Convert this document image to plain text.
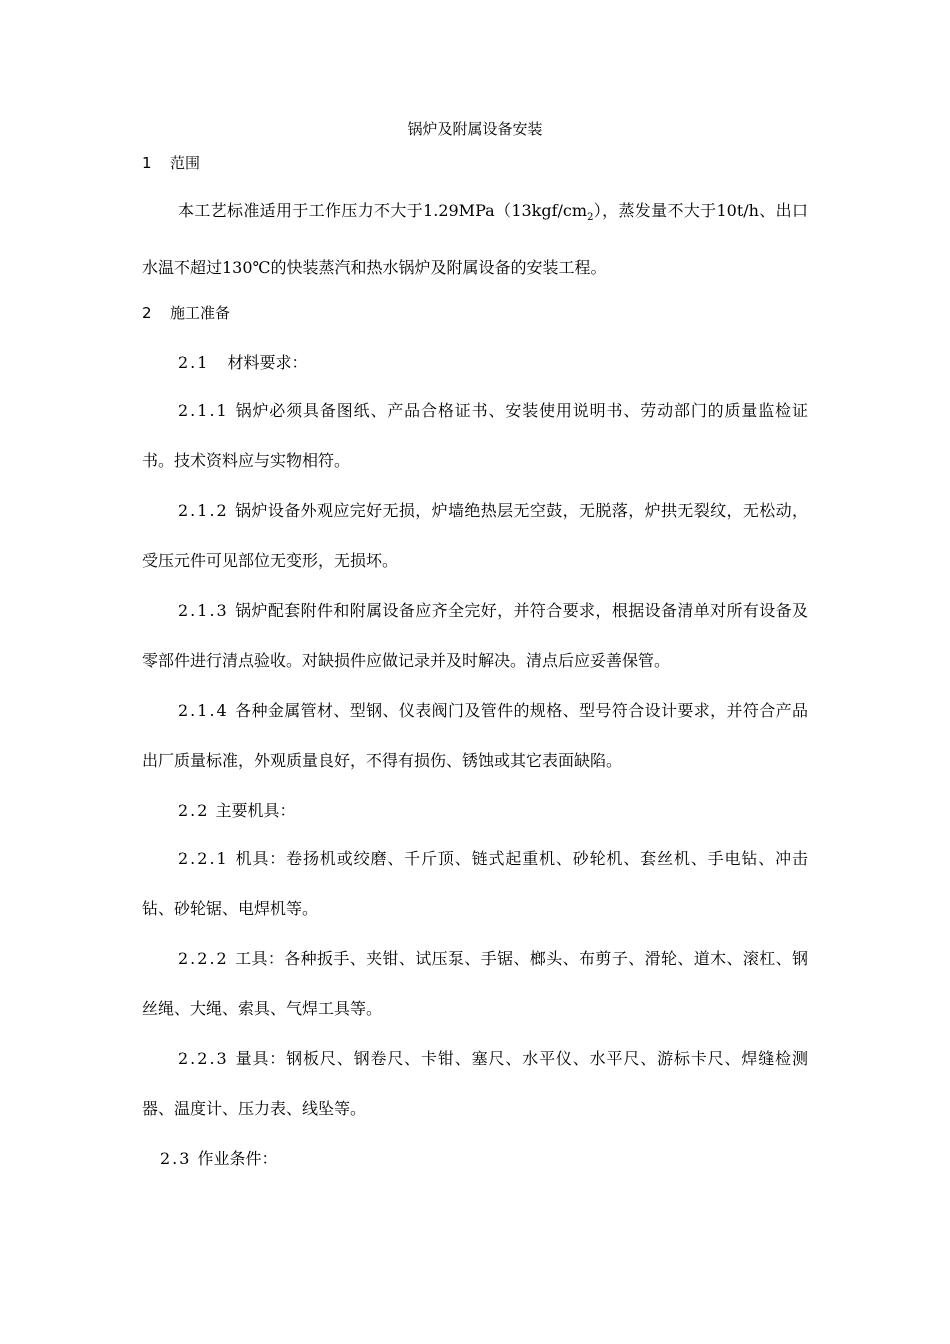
锅炉及附属设备安装
1 范围
本工艺标准适用于工作压力不大于$1.29MPa(13kgf/cm_2)$，蒸发量不大于10t/h、出口水温不超过130℃的快装蒸汽和热水锅炉及附属设备的安装工程。
2 施工准备
2.1 材料要求：
2.1.1 锅炉必须具备图纸、产品合格证书、安装使用说明书、劳动部门的质量监检证书。技术资料应与实物相符。
2.1.2 锅炉设备外观应完好无损，炉墙绝热层无空鼓，无脱落，炉拱无裂纹，无松动，受压元件可见部位无变形，无损坏。
2.1.3 锅炉配套附件和附属设备应齐全完好，并符合要求，根据设备清单对所有设备及零部件进行清点验收。对缺损件应做记录并及时解决。清点后应妥善保管。
2.1.4 各种金属管材、型钢、仪表阀门及管件的规格、型号符合设计要求，并符合产品出厂质量标准，外观质量良好，不得有损伤、锈蚀或其它表面缺陷。
2.2 主要机具：
2.2.1 机具：卷扬机或绞磨、千斤顶、链式起重机、砂轮机、套丝机、手电钻、冲击钻、砂轮锯、电焊机等。
2.2.2 工具：各种扳手、夹钳、试压泵、手锯、榔头、布剪子、滑轮、道木、滚杠、钢丝绳、大绳、索具、气焊工具等。
2.2.3 量具：钢板尺、钢卷尺、卡钳、塞尺、水平仪、水平尺、游标卡尺、焊缝检测器、温度计、压力表、线坠等。
2.3 作业条件：
